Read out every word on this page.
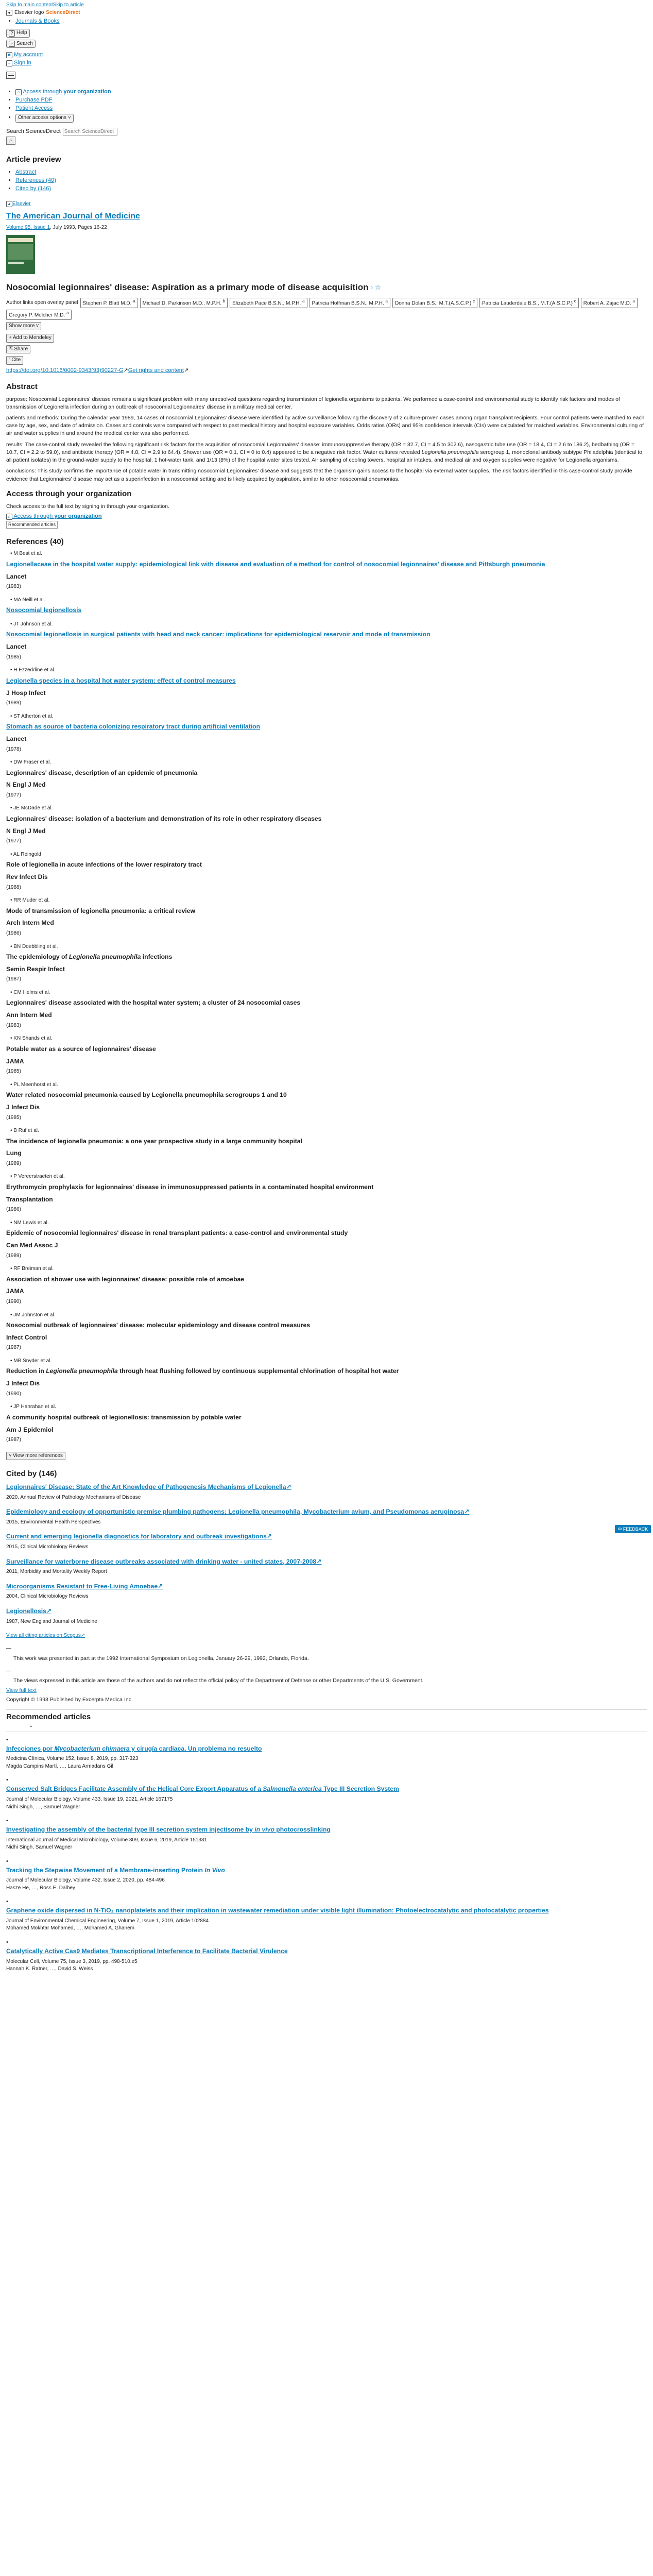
Skip to main contentSkip to article
● Elsevier logo ScienceDirect
• Journals & Books
? Help

⌕ Search
☻ My account
→ Sign in
• ⌂ Access through your organization
• Purchase PDF
• Patient Access
• Other access options ˅
Search ScienceDirect
Search ScienceDirect
⌕
Article preview
• Abstract
• References (40)
• Cited by (146)
▲ Elsevier
The American Journal of Medicine
Volume 95, Issue 1, July 1993, Pages 16-22
Nosocomial legionnaires' disease: Aspiration as a primary mode of disease acquisition ◦ ☆
Author links open overlay panel Stephen P. Blatt M.D. $^a$	Michael D. Parkinson M.D., M.P.H. $^b$	Elizabeth Pace B.S.N., M.P.H. $^a$	Patricia Hoffman B.S.N., M.P.H. $^a$	Donna Dolan B.S., M.T.(A.S.C.P.) $^c$	Patricia Lauderdale B.S., M.T.(A.S.C.P.) $^c$	Robert A. Zajac M.D. $^a$
Gregory P. Melcher M.D. $^a$
Show more ˅
+ Add to Mendeley
⇱ Share
” Cite
https://doi.org/10.1016/0002-9343(93)90227-G↗Get rights and content↗
Abstract

purpose: Nosocomial Legionnaires' disease remains a significant problem with many unresolved questions regarding transmission of legionella organisms to patients. We performed a case-control and environmental study to identify risk factors and modes of transmission of Legionella infection during an outbreak of nosocomial Legionnaires' disease in a military medical center.

patients and methods: During the calendar year 1989, 14 cases of nosocomial Legionnaires' disease were identified by active surveillance following the discovery of 2 culture-proven cases among organ transplant recipients. Four control patients were matched to each case by age, sex, and date of admission. Cases and controls were compared with respect to past medical history and hospital exposure variables. Odds ratios (ORs) and 95% confidence intervals (CIs) were calculated for matched variables. Environmental culturing of air and water supplies in and around the medical center was also performed.

results: The case-control study revealed the following significant risk factors for the acquisition of nosocomial Legionnaires' disease: immunosuppressive therapy (OR = 32.7, CI = 4.5 to 302.6), nasogastric tube use (OR = 18.4, CI = 2.6 to 186.2), bedbathing (OR = 10.7, CI = 2.2 to 59.0), and antibiotic therapy (OR = 4.8, CI = 2.9 to 64.4). Shower use (OR = 0.1, CI = 0 to 0.4) appeared to be a negative risk factor. Water cultures revealed Legionella pneumophila serogroup 1, monoclonal antibody subtype Philadelphia (identical to all patient isolates) in the ground-water supply to the hospital, 1 hot-water tank, and 1/13 (8%) of the hospital water sites tested. Air sampling of cooling towers, hospital air intakes, and medical air and oxygen supplies were negative for Legionella organisms.

conclusions: This study confirms the importance of potable water in transmitting nosocomial Legionnaires' disease and suggests that the organism gains access to the hospital via external water supplies. The risk factors identified in this case-control study provide evidence that Legionnaires' disease may act as a superinfection in a nosocomial setting and is likely acquired by aspiration, similar to other nosocomial pneumonias.

Access through your organization

Check access to the full text by signing in through your organization.

⌂ Access through your organization
Recommended articles
References (40)
• M Best et al.
Legionellaceae in the hospital water supply: epidemiological link with disease and evaluation of a method for control of nosocomial legionnaires' disease and Pittsburgh pneumonia
Lancet
(1983)
• MA Neill et al.
Nosocomial legionellosis
• JT Johnson et al.
Nosocomial legionellosis in surgical patients with head and neck cancer: implications for epidemiological reservoir and mode of transmission
Lancet
(1985)
• H Ezzeddine et al.
Legionella species in a hospital hot water system: effect of control measures
J Hosp Infect
(1989)
• ST Atherton et al.
Stomach as source of bacteria colonizing respiratory tract during artificial ventilation
Lancet
(1978)
• DW Fraser et al.
Legionnaires' disease, description of an epidemic of pneumonia
N Engl J Med
(1977)
• JE McDade et al.
Legionnaires' disease: isolation of a bacterium and demonstration of its role in other respiratory diseases
N Engl J Med
(1977)
• AL Reingold
Role of legionella in acute infections of the lower respiratory tract
Rev Infect Dis
(1988)
• RR Muder et al.
Mode of transmission of legionella pneumonia: a critical review
Arch Intern Med
(1986)
• BN Doebbling et al.
The epidemiology of Legionella pneumophila infections
Semin Respir Infect
(1987)
• CM Helms et al.
Legionnaires' disease associated with the hospital water system; a cluster of 24 nosocomial cases
Ann Intern Med
(1983)
• KN Shands et al.
Potable water as a source of legionnaires' disease
JAMA
(1985)
• PL Meenhorst et al.
Water related nosocomial pneumonia caused by Legionella pneumophila serogroups 1 and 10
J Infect Dis
(1985)
• B Ruf et al.
The incidence of legionella pneumonia: a one year prospective study in a large community hospital
Lung
(1989)
• P Vereerstraeten et al.
Erythromycin prophylaxis for legionnaires' disease in immunosuppressed patients in a contaminated hospital environment
Transplantation
(1986)
• NM Lewis et al.
Epidemic of nosocomial legionnaires' disease in renal transplant patients: a case-control and environmental study
Can Med Assoc J
(1989)
• RF Breiman et al.
Association of shower use with legionnaires' disease: possible role of amoebae
JAMA
(1990)
• JM Johnston et al.
Nosocomial outbreak of legionnaires' disease: molecular epidemiology and disease control measures
Infect Control
(1987)
• MB Snyder et al.
Reduction in Legionella pneumophila through heat flushing followed by continuous supplemental chlorination of hospital hot water
J Infect Dis
(1990)
• JP Hanrahan et al.
A community hospital outbreak of legionellosis: transmission by potable water
Am J Epidemiol
(1987)
˅ View more references
Cited by (146)
Legionnaires' Disease: State of the Art Knowledge of Pathogenesis Mechanisms of Legionella↗
2020, Annual Review of Pathology Mechanisms of Disease
Epidemiology and ecology of opportunistic premise plumbing pathogens: Legionella pneumophila, Mycobacterium avium, and Pseudomonas aeruginosa↗
2015, Environmental Health Perspectives
Current and emerging legionella diagnostics for laboratory and outbreak investigations↗
2015, Clinical Microbiology Reviews
Surveillance for waterborne disease outbreaks associated with drinking water - united states, 2007-2008↗
2011, Morbidity and Mortality Weekly Report
Microorganisms Resistant to Free-Living Amoebae↗
2004, Clinical Microbiology Reviews
Legionellosis↗
1987, New England Journal of Medicine
View all citing articles on Scopus↗
—

This work was presented in part at the 1992 International Symposium on Legionella, January 26-29, 1992, Orlando, Florida.

—

The views expressed in this article are those of the authors and do not reflect the official policy of the Department of Defense or other Departments of the U.S. Government.

View full text

Copyright © 1993 Published by Excerpta Medica Inc.

Recommended articles
⌄
• Infecciones por Mycobacterium chimaera y cirugía cardiaca. Un problema no resuelto
Medicina Clínica, Volume 152, Issue 8, 2019, pp. 317-323
Magda Campins Martí, …, Laura Armadans Gil
• Conserved Salt Bridges Facilitate Assembly of the Helical Core Export Apparatus of a Salmonella enterica Type III Secretion System
Journal of Molecular Biology, Volume 433, Issue 19, 2021, Article 167175
Nidhi Singh, …, Samuel Wagner
• Investigating the assembly of the bacterial type III secretion system injectisome by in vivo photocrosslinking
International Journal of Medical Microbiology, Volume 309, Issue 6, 2019, Article 151331
Nidhi Singh, Samuel Wagner
• Tracking the Stepwise Movement of a Membrane-inserting Protein In Vivo
Journal of Molecular Biology, Volume 432, Issue 2, 2020, pp. 484-496
Hasze He, …, Ross E. Dalbey
• Graphene oxide dispersed in N-TiO₂ nanoplatelets and their implication in wastewater remediation under visible light illumination: Photoelectrocatalytic and photocatalytic properties
Journal of Environmental Chemical Engineering, Volume 7, Issue 1, 2019, Article 102884
Mohamed Mokhtar Mohamed, …, Mohamed A. Ghanem
• Catalytically Active Cas9 Mediates Transcriptional Interference to Facilitate Bacterial Virulence
Molecular Cell, Volume 75, Issue 3, 2019, pp. 498-510.e5
Hannah K. Ratner, …, David S. Weiss
✉ FEEDBACK
